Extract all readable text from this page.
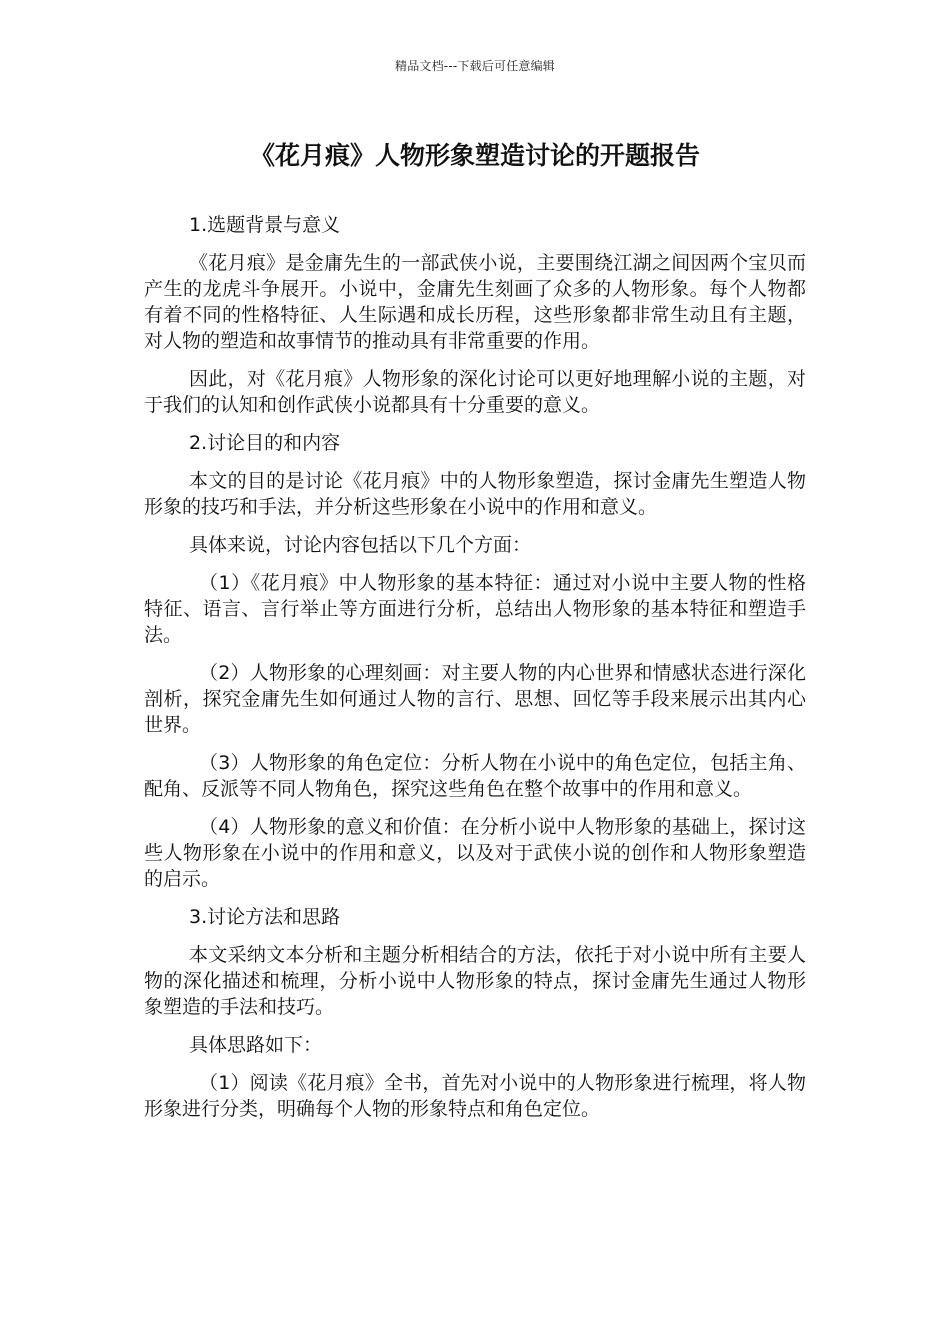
精品文档---下载后可任意编辑
《花月痕》人物形象塑造讨论的开题报告

1.选题背景与意义

《花月痕》是金庸先生的一部武侠小说，主要围绕江湖之间因两个宝贝而产生的龙虎斗争展开。小说中，金庸先生刻画了众多的人物形象。每个人物都有着不同的性格特征、人生际遇和成长历程，这些形象都非常生动且有主题，对人物的塑造和故事情节的推动具有非常重要的作用。

因此，对《花月痕》人物形象的深化讨论可以更好地理解小说的主题，对于我们的认知和创作武侠小说都具有十分重要的意义。

2.讨论目的和内容

本文的目的是讨论《花月痕》中的人物形象塑造，探讨金庸先生塑造人物形象的技巧和手法，并分析这些形象在小说中的作用和意义。

具体来说，讨论内容包括以下几个方面：

（1）《花月痕》中人物形象的基本特征：通过对小说中主要人物的性格特征、语言、言行举止等方面进行分析，总结出人物形象的基本特征和塑造手法。

（2）人物形象的心理刻画：对主要人物的内心世界和情感状态进行深化剖析，探究金庸先生如何通过人物的言行、思想、回忆等手段来展示出其内心世界。

（3）人物形象的角色定位：分析人物在小说中的角色定位，包括主角、配角、反派等不同人物角色，探究这些角色在整个故事中的作用和意义。

（4）人物形象的意义和价值：在分析小说中人物形象的基础上，探讨这些人物形象在小说中的作用和意义，以及对于武侠小说的创作和人物形象塑造的启示。

3.讨论方法和思路

本文采纳文本分析和主题分析相结合的方法，依托于对小说中所有主要人物的深化描述和梳理，分析小说中人物形象的特点，探讨金庸先生通过人物形象塑造的手法和技巧。

具体思路如下：

（1）阅读《花月痕》全书，首先对小说中的人物形象进行梳理，将人物形象进行分类，明确每个人物的形象特点和角色定位。
